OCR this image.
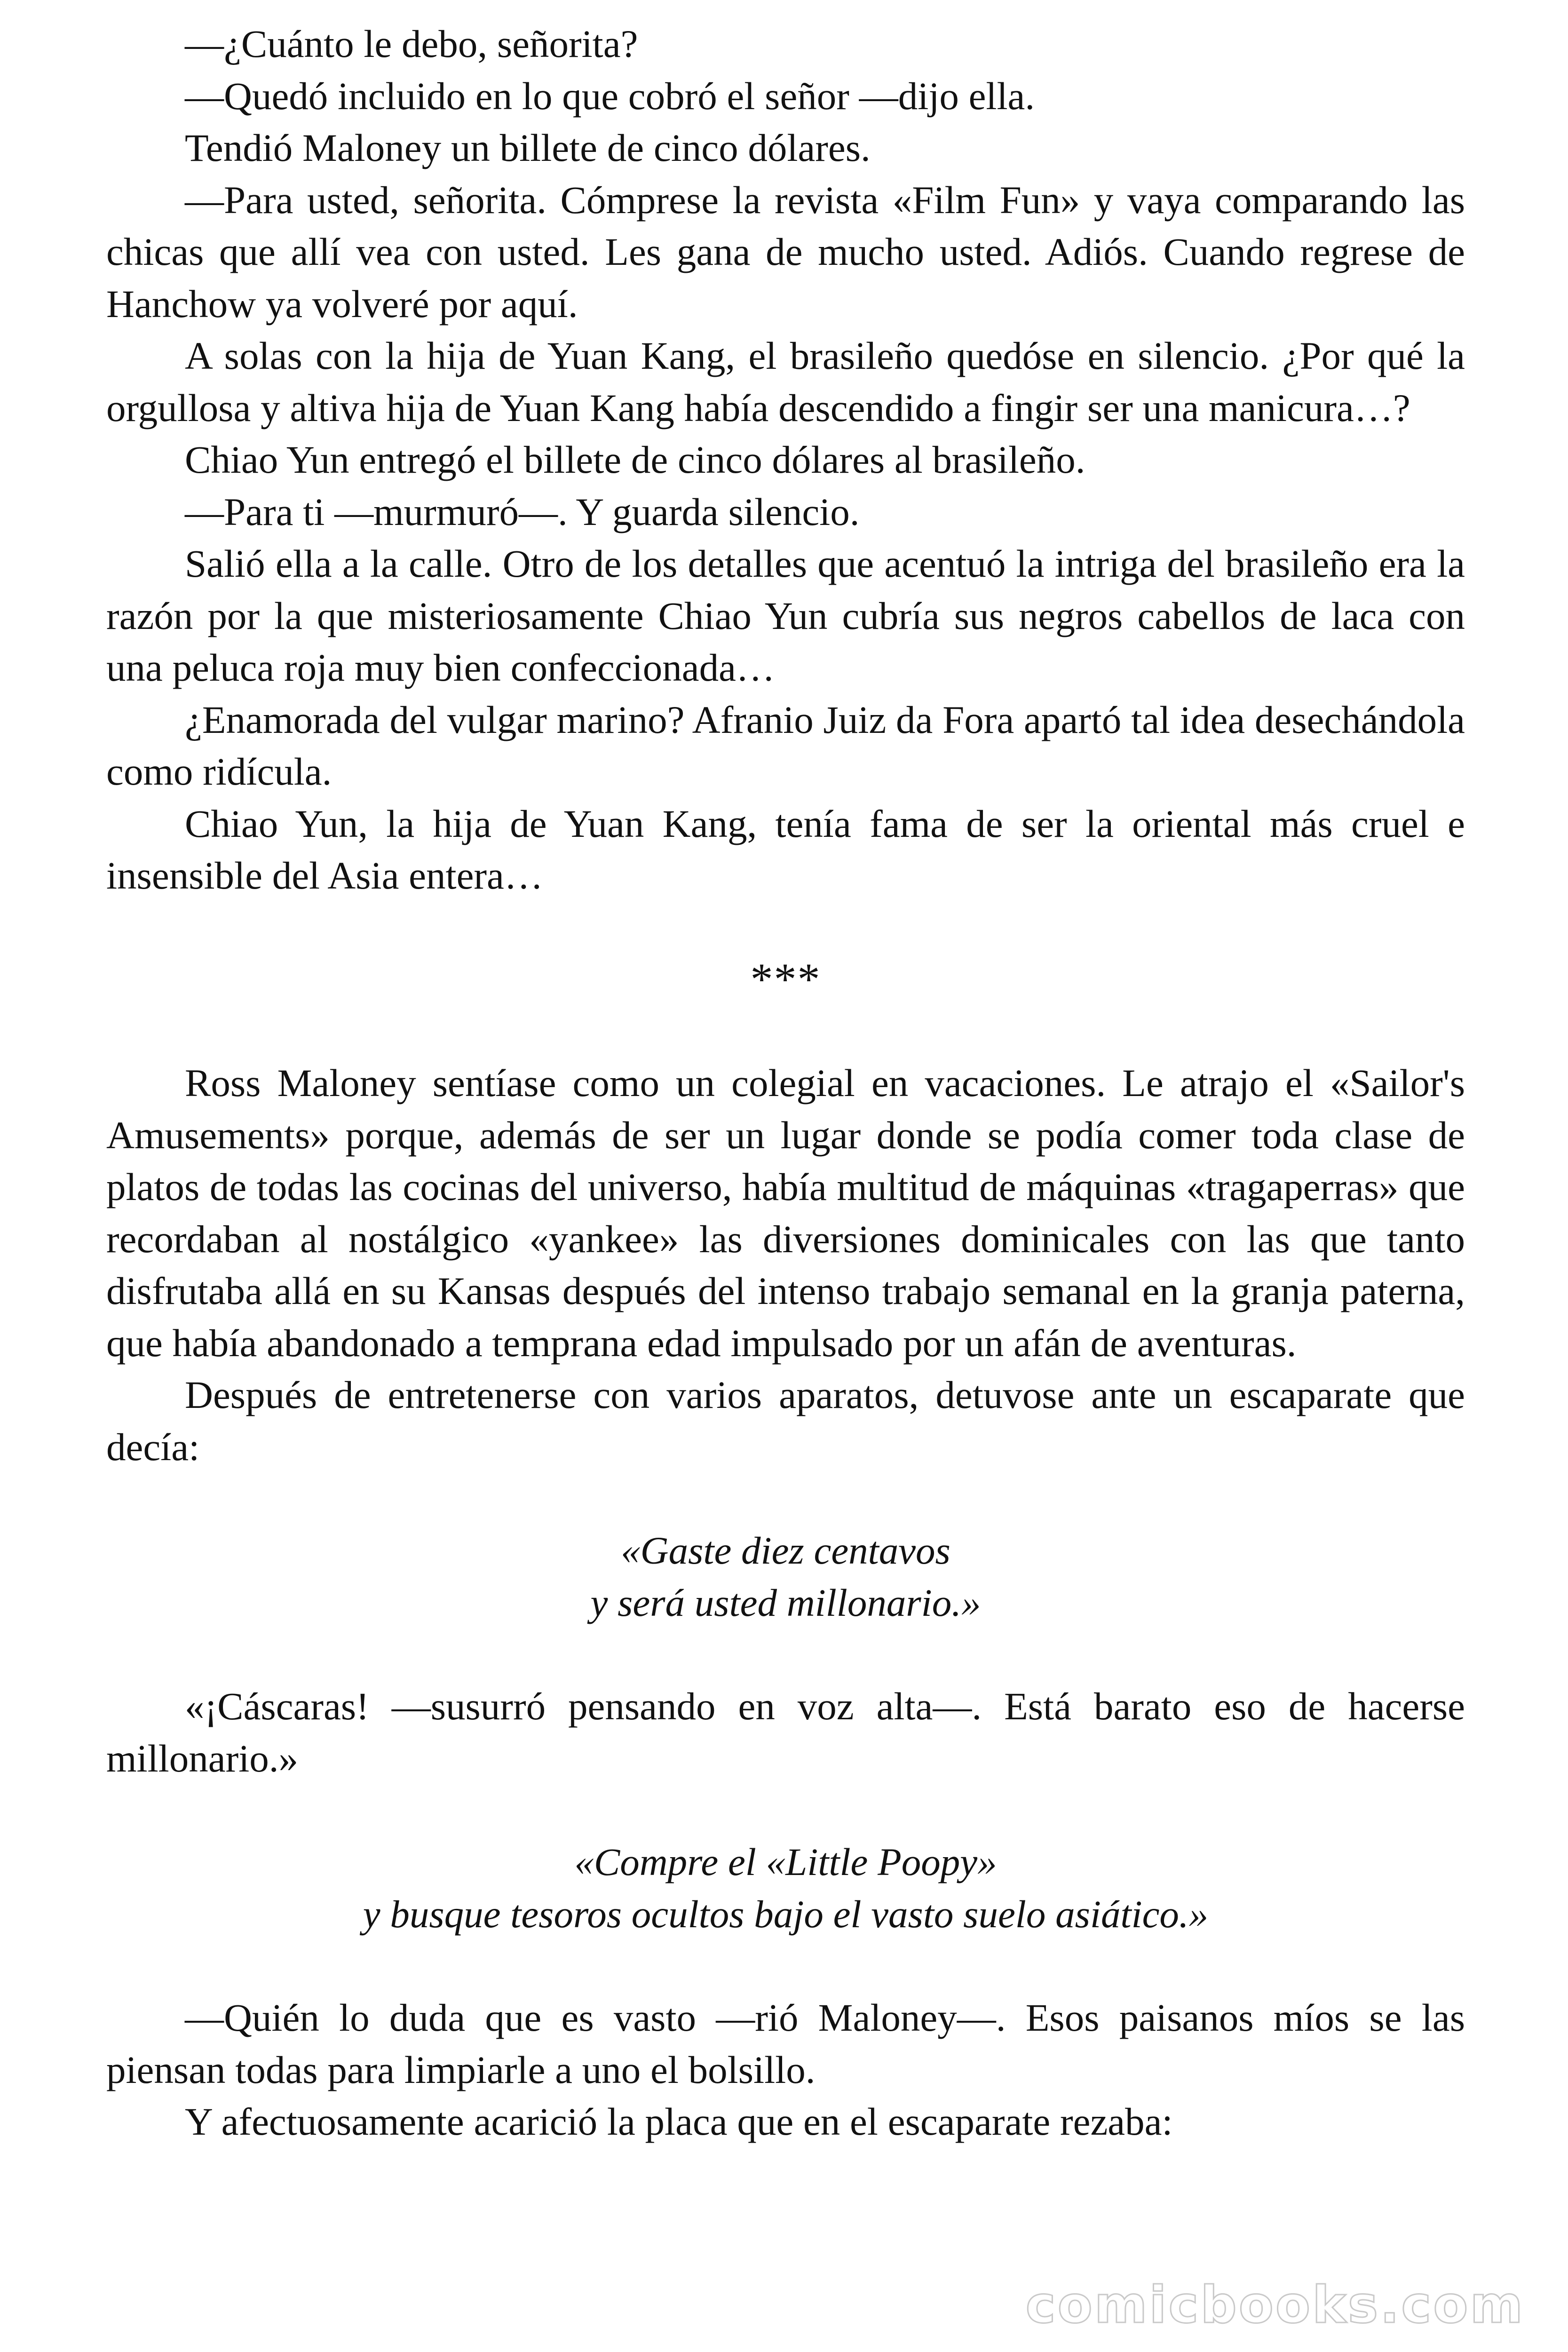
—¿Cuánto le debo, señorita?

—Quedó incluido en lo que cobró el señor —dijo ella.

Tendió Maloney un billete de cinco dólares.

—Para usted, señorita. Cómprese la revista «Film Fun» y vaya comparando las chicas que allí vea con usted. Les gana de mucho usted. Adiós. Cuando regrese de Hanchow ya volveré por aquí.

A solas con la hija de Yuan Kang, el brasileño quedóse en silencio. ¿Por qué la orgullosa y altiva hija de Yuan Kang había descendido a fingir ser una manicura…?

Chiao Yun entregó el billete de cinco dólares al brasileño.

—Para ti —murmuró—. Y guarda silencio.

Salió ella a la calle. Otro de los detalles que acentuó la intriga del brasileño era la razón por la que misteriosamente Chiao Yun cubría sus negros cabellos de laca con una peluca roja muy bien confeccionada…

¿Enamorada del vulgar marino? Afranio Juiz da Fora apartó tal idea desechándola como ridícula.

Chiao Yun, la hija de Yuan Kang, tenía fama de ser la oriental más cruel e insensible del Asia entera…

***

Ross Maloney sentíase como un colegial en vacaciones. Le atrajo el «Sailor's Amusements» porque, además de ser un lugar donde se podía comer toda clase de platos de todas las cocinas del universo, había multitud de máquinas «tragaperras» que recordaban al nostálgico «yankee» las diversiones dominicales con las que tanto disfrutaba allá en su Kansas después del intenso trabajo semanal en la granja paterna, que había abandonado a temprana edad impulsado por un afán de aventuras.

Después de entretenerse con varios aparatos, detuvose ante un escaparate que decía:

«Gaste diez centavos
y será usted millonario.»

«¡Cáscaras! —susurró pensando en voz alta—. Está barato eso de hacerse millonario.»

«Compre el «Little Poopy»
y busque tesoros ocultos bajo el vasto suelo asiático.»

—Quién lo duda que es vasto —rió Maloney—. Esos paisanos míos se las piensan todas para limpiarle a uno el bolsillo.

Y afectuosamente acarició la placa que en el escaparate rezaba:

comicbooks.com
